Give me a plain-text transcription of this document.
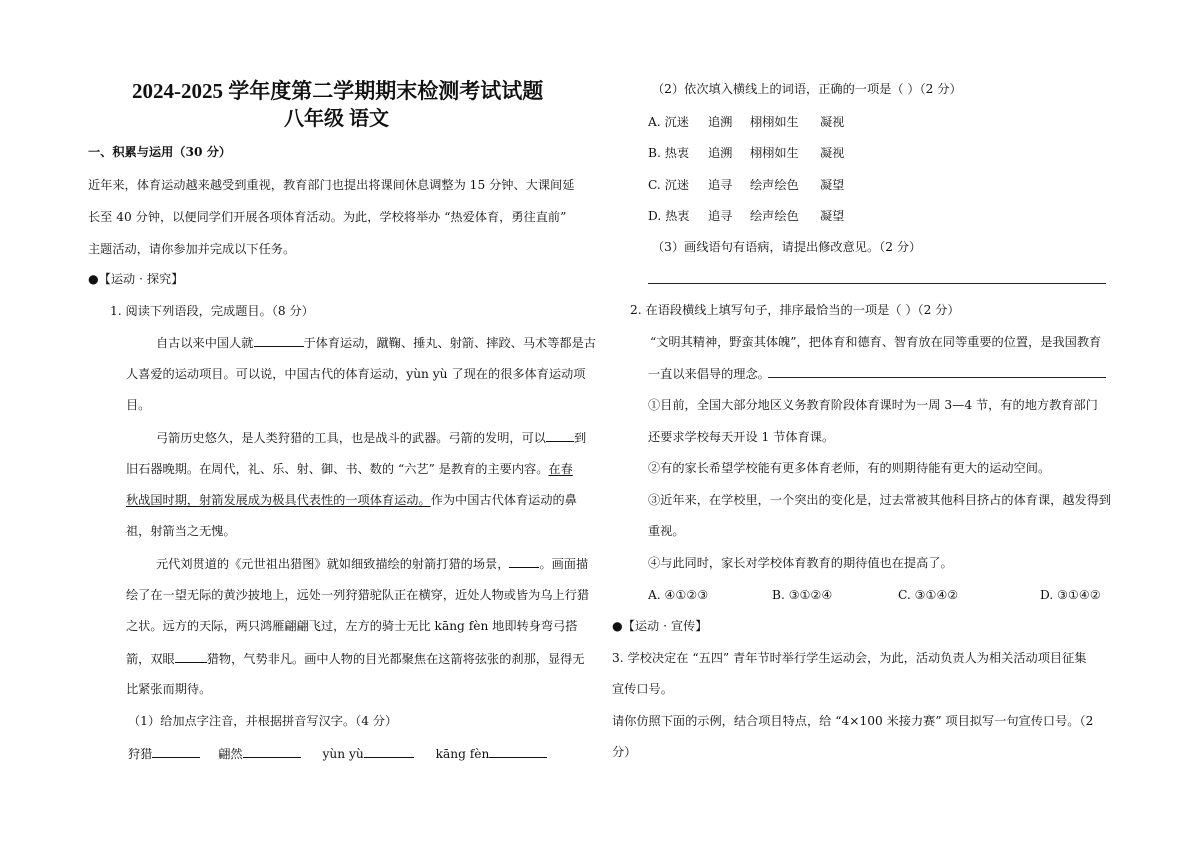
2024-2025 学年度第二学期期末检测考试试题
八年级 语文
一、积累与运用（30 分）
近年来，体育运动越来越受到重视，教育部门也提出将课间休息调整为 15 分钟、大课间延
长至 40 分钟，以便同学们开展各项体育活动。为此，学校将举办 “热爱体育，勇往直前”
主题活动，请你参加并完成以下任务。
●【运动 · 探究】
1. 阅读下列语段，完成题目。（8 分）
自古以来中国人就	于体育运动，蹴鞠、捶丸、射箭、摔跤、马术等都是古
人喜爱的运动项目。可以说，中国古代的体育运动，yùn yù 了现在的很多体育运动项
目。
弓箭历史悠久，是人类狩猎的工具，也是战斗的武器。弓箭的发明，可以 到
旧石器晚期。在周代，礼、乐、射、御、书、数的 “六艺” 是教育的主要内容。在春
秋战国时期，射箭发展成为极具代表性的一项体育运动。作为中国古代体育运动的鼻
祖，射箭当之无愧。
元代刘贯道的《元世祖出猎图》就如细致描绘的射箭打猎的场景， 。画面描
绘了在一望无际的黄沙披地上，远处一列狩猎驼队正在横穿，近处人物或皆为乌上行猎
之状。远方的天际，两只鸿雁翩翩飞过，左方的骑士无比 kāng fèn 地即转身弯弓搭
箭，双眼	猎物，气势非凡。画中人物的目光都聚焦在这箭将弦张的刹那，显得无
比紧张而期待。
（1）给加点字注音，并根据拼音写汉字。（4 分）
狩猎	翩然	yùn yù	kāng fèn
（2）依次填入横线上的词语，正确的一项是（ ）（2 分）
A. 沉迷 追溯 栩栩如生 凝视
B. 热衷 追溯 栩栩如生 凝视
C. 沉迷 追寻 绘声绘色 凝望
D. 热衷 追寻 绘声绘色 凝望
（3）画线语句有语病，请提出修改意见。（2 分）
2. 在语段横线上填写句子，排序最恰当的一项是（ ）（2 分）
“文明其精神，野蛮其体魄”，把体育和德育、智育放在同等重要的位置，是我国教育
一直以来倡导的理念。
①目前，全国大部分地区义务教育阶段体育课时为一周 3—4 节，有的地方教育部门
还要求学校每天开设 1 节体育课。
②有的家长希望学校能有更多体育老师，有的则期待能有更大的运动空间。
③近年来，在学校里，一个突出的变化是，过去常被其他科目挤占的体育课，越发得到
重视。
④与此同时，家长对学校体育教育的期待值也在提高了。
A. ④①②③	B. ③①②④	C. ③①④②	D. ③①④②
●【运动 · 宣传】
3. 学校决定在 “五四” 青年节时举行学生运动会，为此，活动负责人为相关活动项目征集
宣传口号。
请你仿照下面的示例，结合项目特点，给 “4×100 米接力赛” 项目拟写一句宣传口号。（2
分）
